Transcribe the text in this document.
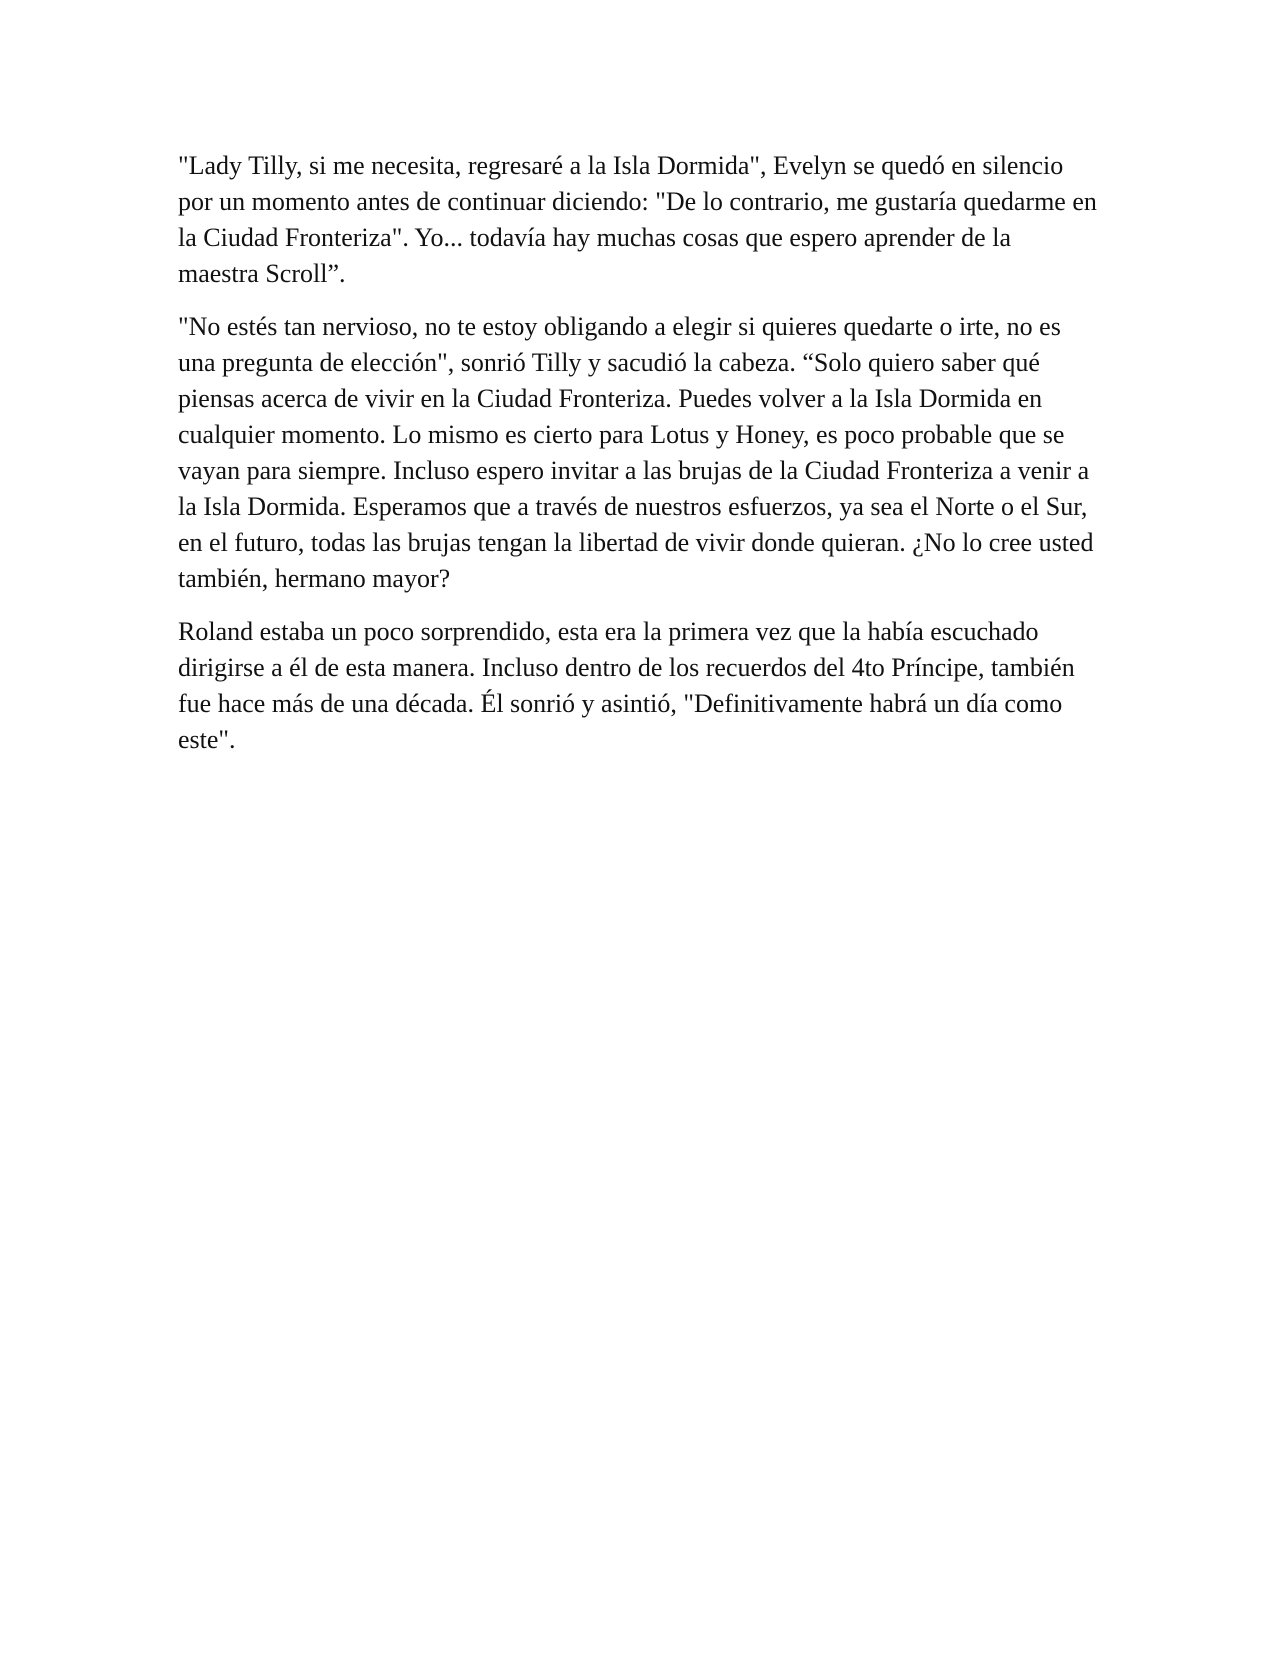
"Lady Tilly, si me necesita, regresaré a la Isla Dormida", Evelyn se quedó en silencio por un momento antes de continuar diciendo: "De lo contrario, me gustaría quedarme en la Ciudad Fronteriza". Yo... todavía hay muchas cosas que espero aprender de la maestra Scroll”.

"No estés tan nervioso, no te estoy obligando a elegir si quieres quedarte o irte, no es una pregunta de elección", sonrió Tilly y sacudió la cabeza. “Solo quiero saber qué piensas acerca de vivir en la Ciudad Fronteriza. Puedes volver a la Isla Dormida en cualquier momento. Lo mismo es cierto para Lotus y Honey, es poco probable que se vayan para siempre. Incluso espero invitar a las brujas de la Ciudad Fronteriza a venir a la Isla Dormida. Esperamos que a través de nuestros esfuerzos, ya sea el Norte o el Sur, en el futuro, todas las brujas tengan la libertad de vivir donde quieran. ¿No lo cree usted también, hermano mayor?

Roland estaba un poco sorprendido, esta era la primera vez que la había escuchado dirigirse a él de esta manera. Incluso dentro de los recuerdos del 4to Príncipe, también fue hace más de una década. Él sonrió y asintió, "Definitivamente habrá un día como este".
